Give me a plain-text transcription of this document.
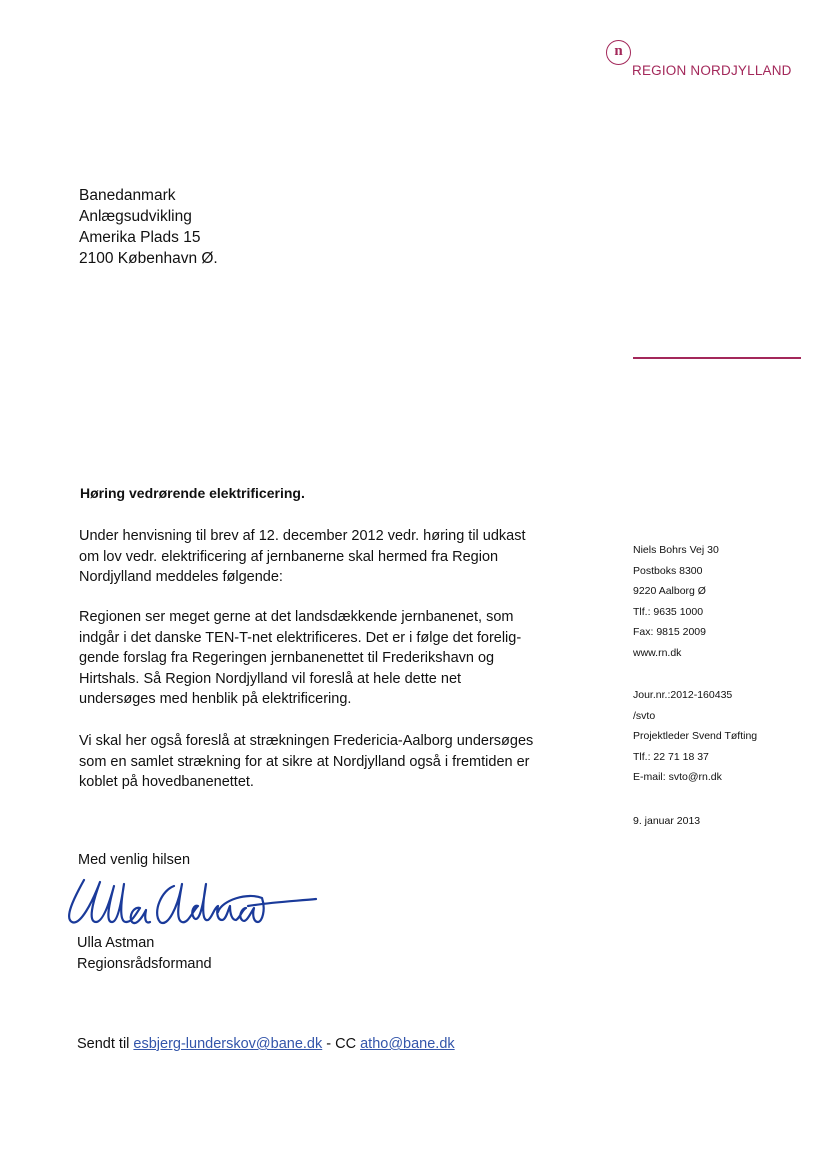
n
REGION NORDJYLLAND
Banedanmark
Anlægsudvikling
Amerika Plads 15
2100 København Ø.
Høring vedrørende elektrificering.
Under henvisning til brev af 12. december 2012 vedr. høring til udkast
om lov vedr. elektrificering af jernbanerne skal hermed fra Region
Nordjylland meddeles følgende:
Regionen ser meget gerne at det landsdækkende jernbanenet, som
indgår i det danske TEN-T-net elektrificeres. Det er i følge det forelig-
gende forslag fra Regeringen jernbanenettet til Frederikshavn og
Hirtshals. Så Region Nordjylland vil foreslå at hele dette net
undersøges med henblik på elektrificering.
Vi skal her også foreslå at strækningen Fredericia-Aalborg undersøges
som en samlet strækning for at sikre at Nordjylland også i fremtiden er
koblet på hovedbanenettet.
Niels Bohrs Vej 30
Postboks 8300
9220 Aalborg Ø
Tlf.: 9635 1000
Fax: 9815 2009
www.rn.dk
Jour.nr.:2012-160435
/svto
Projektleder Svend Tøfting
Tlf.: 22 71 18 37
E-mail: svto@rn.dk
9. januar 2013
Med venlig hilsen
Ulla Astman
Regionsrådsformand
Sendt til esbjerg-lunderskov@bane.dk - CC atho@bane.dk
